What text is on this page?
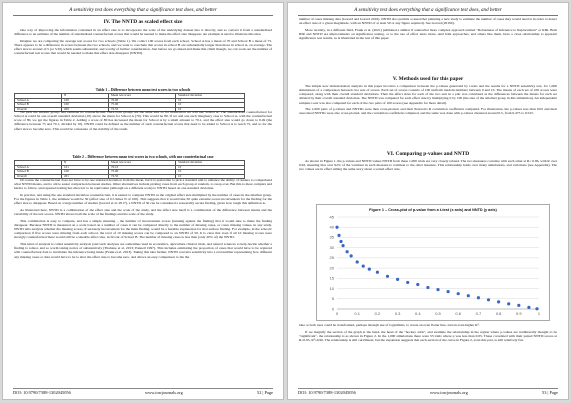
A sensitivity test does everything that a significance test does, and better
IV. The NNTD as scaled effect size

One way of improving the information contained in an effect size is to incorporate the scale of the underlying dataset into it directly, and so convert it from a standardised difference to an estimate of the number of standardised counterfactual scores that would be needed to make the effect size disappear. An example is used to illustrate this idea.

Imagine we are comparing the average test scores for two schools (Table 1). We collect 100 scores from each school. School A has a mean of 70 and School B a mean of 75. There appears to be a difference in scores between the two schools, and we want to conclude that scores in school B are substantially longer than those in school A, on average. The effect size is around -0.5 (or 5/10) which seems substantial, and worthy of further consideration. Just before we go ahead and make this claim though, we can work out the number of counterfactual test scores that would be needed to make this effect size disappear (NNTD).

Table 1 – Difference between mean test scores in two schools
	N	Mean test score	Standard deviation
School A	100	70.00	10
School B	100	75.00	10
Overall	200	72.55	10

We pick the smaller group, and estimate its counterfactual. Here both groups are the same size so for illustration we will use School A. The standardised counterfactual for School A could be one overall standard deviation (10) above the mean for School A (70). This would be 80. If we add one such imaginary case to School A, with the counterfactual score of 80, we get the figures in Table 2. Adding a score of 80 has increased the mean for School A by a small amount to 70.1, and the effect size would go down to 0.49 (the difference between 75 and 70.1, divided by 10). NNTD could be defined as the number of such counterfactual scores that need to be added to School A to reach 75, and so for the effect size to become zero. This would be a measure of the stability of the result.

Table 2 – Difference between mean test scores in two schools, with one counterfactual case
	N	Mean test score	Standard deviation
School A	101	70.10	10
School B	100	75.00	10
Overall	201	72.55	10

Of course the counterfactual does not have to be one standard deviation from the mean, but it is preferable to pick a standard unit to enhance the ability of readers to comprehend what NNTD means, and to allow easier comparison between studies. Other alternatives include picking cases from each group at random, to swap over. But this is more complex and harder to follow, and repeated testing has shown it to be equivalent (although on a different scale) to NNTD based on one standard deviation.

In practice, and using the one standard deviation counterfactual, it is easiest to compute NNTD as the original effect size multiplied by the number of cases in the smallest group. For the figures in Table 1, the estimate would be 50 (effect size of 0.5 times N of 100). This suggests that it would take 50 quite extreme scores inconvenient for the finding for the effect size to disappear. Based on a large number of studies (Gorard et al. 2017), a NNTD of 50 can be considered a reasonably secure finding, given how tough this definition is.

As illustrated here, NNTD is a combination of the effect size and the scale of the study, and the effect size itself is a combination of the difference between means and the variability of the test scores. NNTD shows both the scale of the findings and the scale of the study.

This combination is easy to compute, and has a simple meaning – the number of inconvenient scores (running against the finding) that it would take to make the finding disappear. Because NNTD is measured on a scale based on a number of cases it can be compared directly to the number of missing cases, or cases missing values, in any study. NNTD tells analysts whether the missing scores, if seriously inconvenient for the main finding, would be a feasible explanation for that surface finding. For example, in the schools' comparison if five scores were missing from each school, the total of 10 missing scores can be compared to an NNTD of 50. It is clear that even if all 10 missing scores were strongly counterfactual there would still be a sizeable effect size, in favour of School B. The number of missing cases is less than (only 20% of) the NNTD.

This kind of analysis is called sensitivity analysis (and such analyses are sometimes used in economics, agriculture clinical trials, and natural sciences to help decide whether a finding is robust, and so worth taking notice of substantively (Thabane et al. 2013; Pannell 1997). This includes estimating the proportion of cases that would have to be replaced with counterfactual data to invalidate the inference being made (Frank et al. 2013). Taking this idea further, NNTD converts sensitivity into a real number representing how different any missing cases or data would have to be to alter the effect size to become zero, and allows an easy comparison to the the

DOI: 10.9790/7388-1302045056	www.iosrjournals.org	52 | Page
A sensitivity test does everything that a significance test does, and better

number of cases missing data (Gorard and Gorard 2016). NNTD also permits a researcher planning a new study to estimate the number of cases they would need is in order to detect an effect size of a given magnitude, with an NNTD of at least 50 or any figure required). See Gorard (2019b).

More recently, in a different field, Frank et al. (2021) published a similar if somewhat more complex approach termed "Robustness of Inference to Replacement" or RIR. Both RIR and NNTD are improvements on significance testing, or to the use of effect sizes alone. And both approaches, and others like them, have a close relationship to apparent significance test results, as is illustrated in the rest of this paper.

V. Methods used for this paper

The simple new demonstration analysis in this paper involves a comparison between the p-values generated by t-tests and the results for a NNTD sensitivity test, for 1,000 simulations of a comparison between two sets of scores. Each set of scores consists of 100 uniform random numbers between 0 and 10. The means of each set of 100 scores were compared, along with their overall standard deviations. Then the effect sizes for each of the two sets in a pair was calculated as the differences between the means for each set divided by their overall standard deviation. The NNTD was computed for each effect size by multiplying it by 100 (the size of the smallest group in this simulation). An independent samples t-test was also computed for each of the two pairs of 100 scores (see Appendix for more detail).

The 1,000 pairs of p-values and NNTDs were then cross-plotted, and their Pearson's R correlation coefficient computed. For illustration, the p-values less than 0.05 and their associated NNTDs were also cross-plotted, and the correlation coefficient computed, and the same was done with p-values clustered around 0.5, from 0.475 to 0.525.

VI. Comparing p-values and NNTD

As shown in Figure 1, the p-values and NNTD values NNTD from these 1,000 trials are very closely related. The two measures correlate with each other at R= 0.96, with R over 0.92, meaning that over 92% of the variation in each measure is common to the other measure. This relationship holds over many simulations, and variations (see Appendix). The two values are in effect telling the same story about a scaled effect size.

Figure 1 – Cross-plot of p-value from a t-test (x axis) and NNTD (y axis)
0
5
10
15
20
25
30
35
40
45
0	0.1	0.2	0.3	0.4	0.5	0.6	0.7	0.8	0.9	1

One or both axes could be transformed, perhaps through use of logarithms, to create an even flatter line, and an even higher R².

If we magnify the section of the graph at the bend, the head of the "hockey stick", and examine the relationship in the region where p-values are traditionally thought to be "significant", the relationship is as shown in Figure 2. In the 1,000 simulations there were 53 trials where p was less than 0.05. These correlated with their paired NNTD scores at R=0.95, R²=0.90. The relationship is still curvilinear, but the expansion suggests that each section of the curve in Figure 2, even this part, is still relatively flat.

DOI: 10.9790/7388-1302045056	www.iosrjournals.org	53 | Page
